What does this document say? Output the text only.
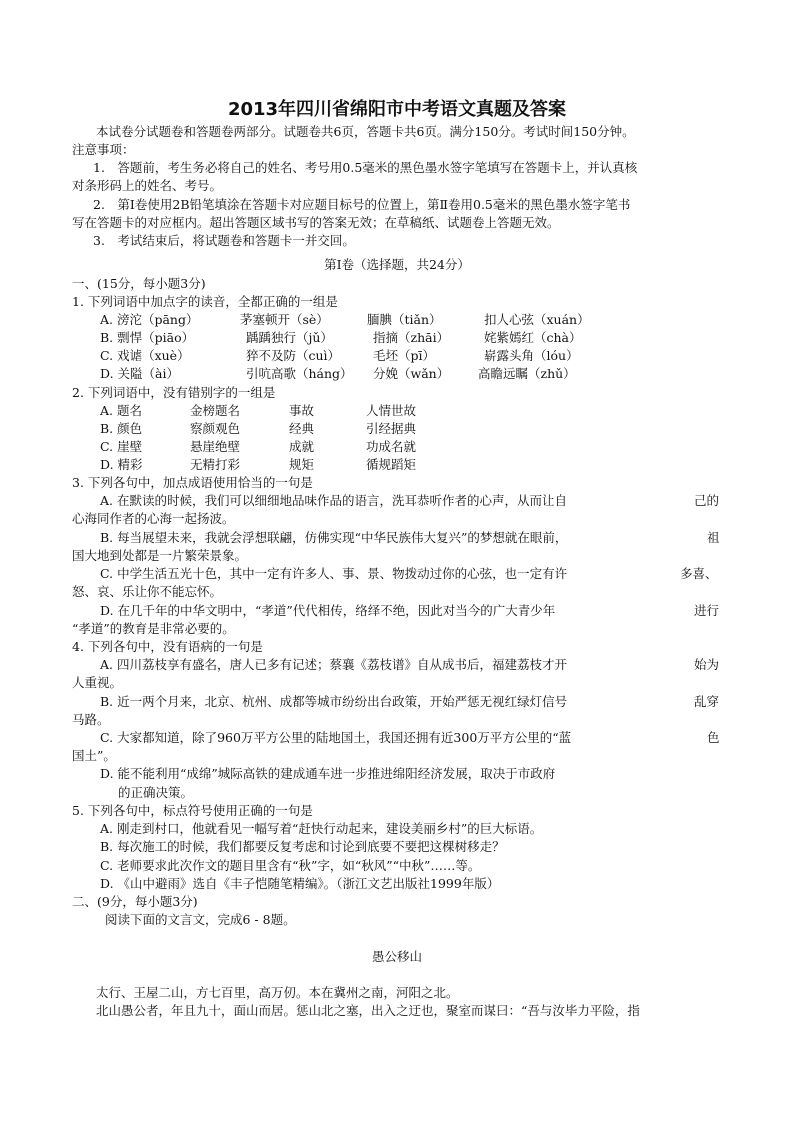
2013年四川省绵阳市中考语文真题及答案
本试卷分试题卷和答题卷两部分。试题卷共6页，答题卡共6页。满分150分。考试时间150分钟。
注意事项：
1.　答题前，考生务必将自己的姓名、考号用0.5毫米的黑色墨水签字笔填写在答题卡上，并认真核
对条形码上的姓名、考号。
2.　第Ⅰ卷使用2B铅笔填涂在答题卡对应题目标号的位置上，第Ⅱ卷用0.5毫米的黑色墨水签字笔书
写在答题卡的对应框内。超出答题区域书写的答案无效；在草稿纸、试题卷上答题无效。
3.　考试结束后，将试题卷和答题卡一并交回。
第Ⅰ卷（选择题，共24分）
一、(15分，每小题3分)
1. 下列词语中加点字的读音，全都正确的一组是
A. 滂沱（pāng）	茅塞顿开（sè）	腼腆（tiǎn）	扣人心弦（xuán）
B. 剽悍（piāo）	踽踽独行（jǔ）	指摘（zhāi）	姹紫嫣红（chà）
C. 戏谑（xuè）	猝不及防（cuì）	毛坯（pī）	崭露头角（lóu）
D. 关隘（ài）	引吭高歌（háng） 分娩（wǎn） 高瞻远瞩（zhǔ）
2. 下列词语中，没有错别字的一组是
A. 题名	金榜题名	事故	人情世故
B. 颜色	察颜观色	经典	引经据典
C. 崖壁	悬崖绝壁	成就	功成名就
D. 精彩	无精打彩	规矩	循规蹈矩
3. 下列各句中，加点成语使用恰当的一句是
A. 在默读的时候，我们可以细细地品味作品的语言，洗耳恭听作者的心声，从而让自	己的
心海同作者的心海一起扬波。
B. 每当展望未来，我就会浮想联翩，仿佛实现“中华民族伟大复兴”的梦想就在眼前，	祖
国大地到处都是一片繁荣景象。
C. 中学生活五光十色，其中一定有许多人、事、景、物拨动过你的心弦，也一定有许	多喜、
怒、哀、乐让你不能忘怀。
D. 在几千年的中华文明中，“孝道”代代相传，络绎不绝，因此对当今的广大青少年	进行
“孝道”的教育是非常必要的。
4. 下列各句中，没有语病的一句是
A. 四川荔枝享有盛名，唐人已多有记述；蔡襄《荔枝谱》自从成书后，福建荔枝才开	始为
人重视。
B. 近一两个月来，北京、杭州、成都等城市纷纷出台政策，开始严惩无视红绿灯信号	乱穿
马路。
C. 大家都知道，除了960万平方公里的陆地国土，我国还拥有近300万平方公里的“蓝	色
国土”。
D. 能不能利用“成绵”城际高铁的建成通车进一步推进绵阳经济发展，取决于市政府
的正确决策。
5. 下列各句中，标点符号使用正确的一句是
A. 刚走到村口，他就看见一幅写着“赶快行动起来，建设美丽乡村”的巨大标语。
B. 每次施工的时候，我们都要反复考虑和讨论到底要不要把这棵树移走？
C. 老师要求此次作文的题目里含有“秋”字，如“秋风”“中秋”……等。
D. 《山中避雨》选自《丰子恺随笔精编》。（浙江文艺出版社1999年版）
二、(9分，每小题3分)
阅读下面的文言文，完成6 - 8题。
愚公移山
太行、王屋二山，方七百里，高万仞。本在冀州之南，河阳之北。
北山愚公者，年且九十，面山而居。惩山北之塞，出入之迂也，聚室而谋曰：“吾与汝毕力平险，指
